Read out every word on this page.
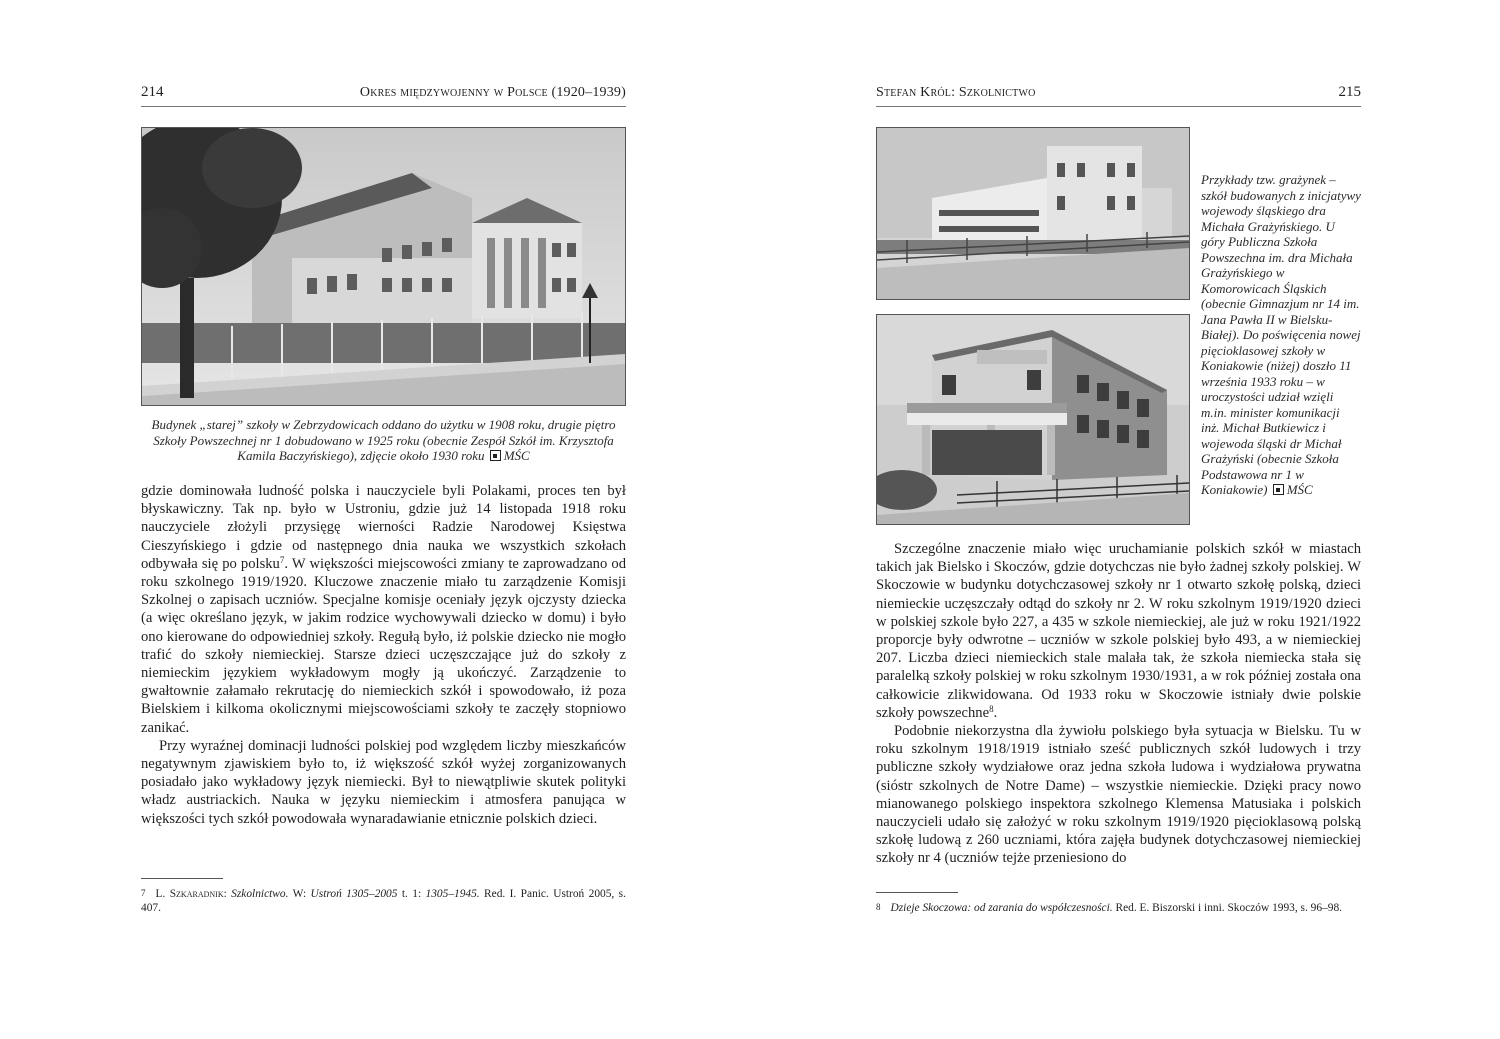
214	Okres międzywojenny w Polsce (1920–1939)
Budynek „starej” szkoły w Zebrzydowicach oddano do użytku w 1908 roku, drugie piętro Szkoły Powszechnej nr 1 dobudowano w 1925 roku (obecnie Zespół Szkół im. Krzysztofa Kamila Baczyńskiego), zdjęcie około 1930 roku MŚC

gdzie dominowała ludność polska i nauczyciele byli Polakami, proces ten był błyskawiczny. Tak np. było w Ustroniu, gdzie już 14 listopada 1918 roku nauczyciele złożyli przysięgę wierności Radzie Narodowej Księstwa Cieszyńskiego i gdzie od następnego dnia nauka we wszystkich szkołach odbywała się po polsku$^7$. W większości miejscowości zmiany te zaprowadzano od roku szkolnego 1919/1920. Kluczowe znaczenie miało tu zarządzenie Komisji Szkolnej o zapisach uczniów. Specjalne komisje oceniały język ojczysty dziecka (a więc określano język, w jakim rodzice wychowywali dziecko w domu) i było ono kierowane do odpowiedniej szkoły. Regułą było, iż polskie dziecko nie mogło trafić do szkoły niemieckiej. Starsze dzieci uczęszczające już do szkoły z niemieckim językiem wykładowym mogły ją ukończyć. Zarządzenie to gwałtownie załamało rekrutację do niemieckich szkół i spowodowało, iż poza Bielskiem i kilkoma okolicznymi miejscowościami szkoły te zaczęły stopniowo zanikać.

Przy wyraźnej dominacji ludności polskiej pod względem liczby mieszkańców negatywnym zjawiskiem było to, iż większość szkół wyżej zorganizowanych posiadało jako wykładowy język niemiecki. Był to niewątpliwie skutek polityki władz austriackich. Nauka w języku niemieckim i atmosfera panująca w większości tych szkół powodowała wynaradawianie etnicznie polskich dzieci.

7 L. Szkaradnik: Szkolnictwo. W: Ustroń 1305–2005 t. 1: 1305–1945. Red. I. Panic. Ustroń 2005, s. 407.
Stefan Król: Szkolnictwo	215
Przykłady tzw. grażynek – szkół budowanych z inicjatywy wojewody śląskiego dra Michała Grażyńskiego. U góry Publiczna Szkoła Powszechna im. dra Michała Grażyńskiego w Komorowicach Śląskich (obecnie Gimnazjum nr 14 im. Jana Pawła II w Bielsku-Białej). Do poświęcenia nowej pięcioklasowej szkoły w Koniakowie (niżej) doszło 11 września 1933 roku – w uroczystości udział wzięli m.in. minister komunikacji inż. Michał Butkiewicz i wojewoda śląski dr Michał Grażyński (obecnie Szkoła Podstawowa nr 1 w Koniakowie) MŚC

Szczególne znaczenie miało więc uruchamianie polskich szkół w miastach takich jak Bielsko i Skoczów, gdzie dotychczas nie było żadnej szkoły polskiej. W Skoczowie w budynku dotychczasowej szkoły nr 1 otwarto szkołę polską, dzieci niemieckie uczęszczały odtąd do szkoły nr 2. W roku szkolnym 1919/1920 dzieci w polskiej szkole było 227, a 435 w szkole niemieckiej, ale już w roku 1921/1922 proporcje były odwrotne – uczniów w szkole polskiej było 493, a w niemieckiej 207. Liczba dzieci niemieckich stale malała tak, że szkoła niemiecka stała się paralelką szkoły polskiej w roku szkolnym 1930/1931, a w rok później została ona całkowicie zlikwidowana. Od 1933 roku w Skoczowie istniały dwie polskie szkoły powszechne$^8$.

Podobnie niekorzystna dla żywiołu polskiego była sytuacja w Bielsku. Tu w roku szkolnym 1918/1919 istniało sześć publicznych szkół ludowych i trzy publiczne szkoły wydziałowe oraz jedna szkoła ludowa i wydziałowa prywatna (sióstr szkolnych de Notre Dame) – wszystkie niemieckie. Dzięki pracy nowo mianowanego polskiego inspektora szkolnego Klemensa Matusiaka i polskich nauczycieli udało się założyć w roku szkolnym 1919/1920 pięcioklasową polską szkołę ludową z 260 uczniami, która zajęła budynek dotychczasowej niemieckiej szkoły nr 4 (uczniów tejże przeniesiono do

8 Dzieje Skoczowa: od zarania do współczesności. Red. E. Biszorski i inni. Skoczów 1993, s. 96–98.
